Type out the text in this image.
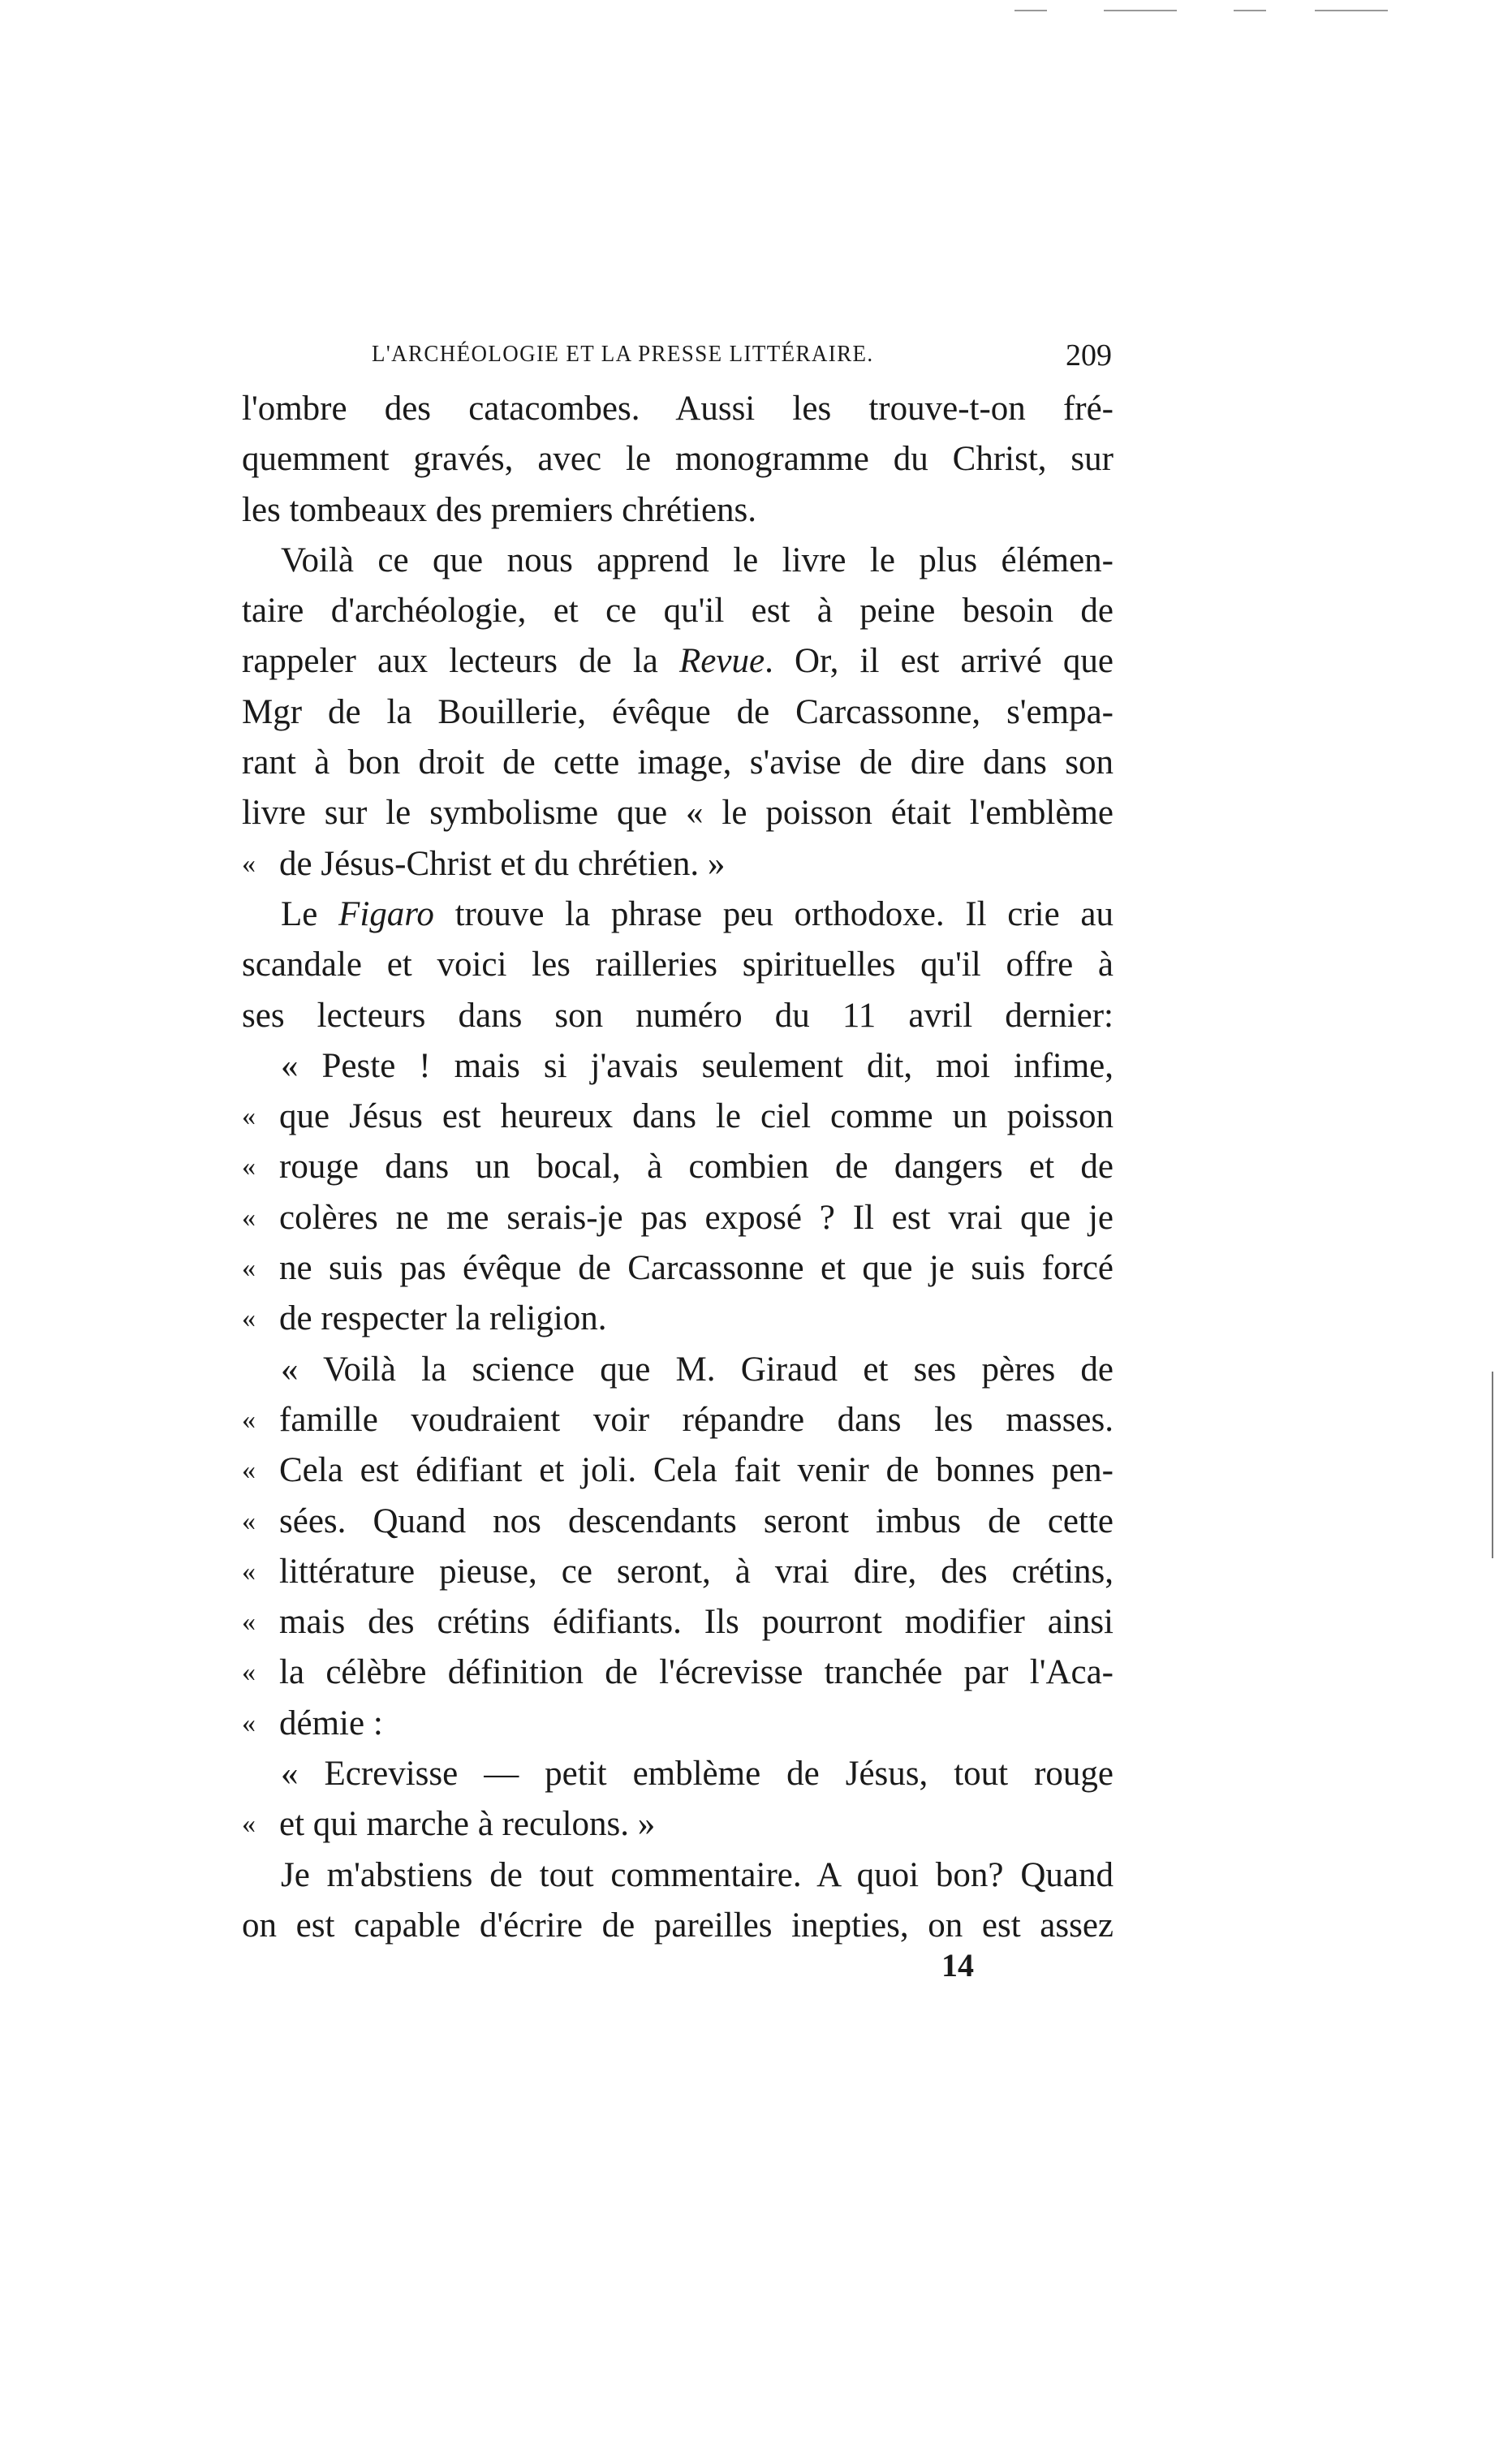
L'ARCHÉOLOGIE ET LA PRESSE LITTÉRAIRE.	209
l'ombre des catacombes. Aussi les trouve-t-on fré-
quemment gravés, avec le monogramme du Christ, sur
les tombeaux des premiers chrétiens.
Voilà ce que nous apprend le livre le plus élémen-
taire d'archéologie, et ce qu'il est à peine besoin de
rappeler aux lecteurs de la Revue. Or, il est arrivé que
Mgr de la Bouillerie, évêque de Carcassonne, s'empa-
rant à bon droit de cette image, s'avise de dire dans son
livre sur le symbolisme que « le poisson était l'emblème
« de Jésus-Christ et du chrétien. »
Le Figaro trouve la phrase peu orthodoxe. Il crie au
scandale et voici les railleries spirituelles qu'il offre à
ses lecteurs dans son numéro du 11 avril dernier:
« Peste ! mais si j'avais seulement dit, moi infime,
« que Jésus est heureux dans le ciel comme un poisson
« rouge dans un bocal, à combien de dangers et de
« colères ne me serais-je pas exposé ? Il est vrai que je
« ne suis pas évêque de Carcassonne et que je suis forcé
« de respecter la religion.
« Voilà la science que M. Giraud et ses pères de
« famille voudraient voir répandre dans les masses.
« Cela est édifiant et joli. Cela fait venir de bonnes pen-
« sées. Quand nos descendants seront imbus de cette
« littérature pieuse, ce seront, à vrai dire, des crétins,
« mais des crétins édifiants. Ils pourront modifier ainsi
« la célèbre définition de l'écrevisse tranchée par l'Aca-
« démie :
« Ecrevisse — petit emblème de Jésus, tout rouge
« et qui marche à reculons. »
Je m'abstiens de tout commentaire. A quoi bon? Quand
on est capable d'écrire de pareilles inepties, on est assez
14
